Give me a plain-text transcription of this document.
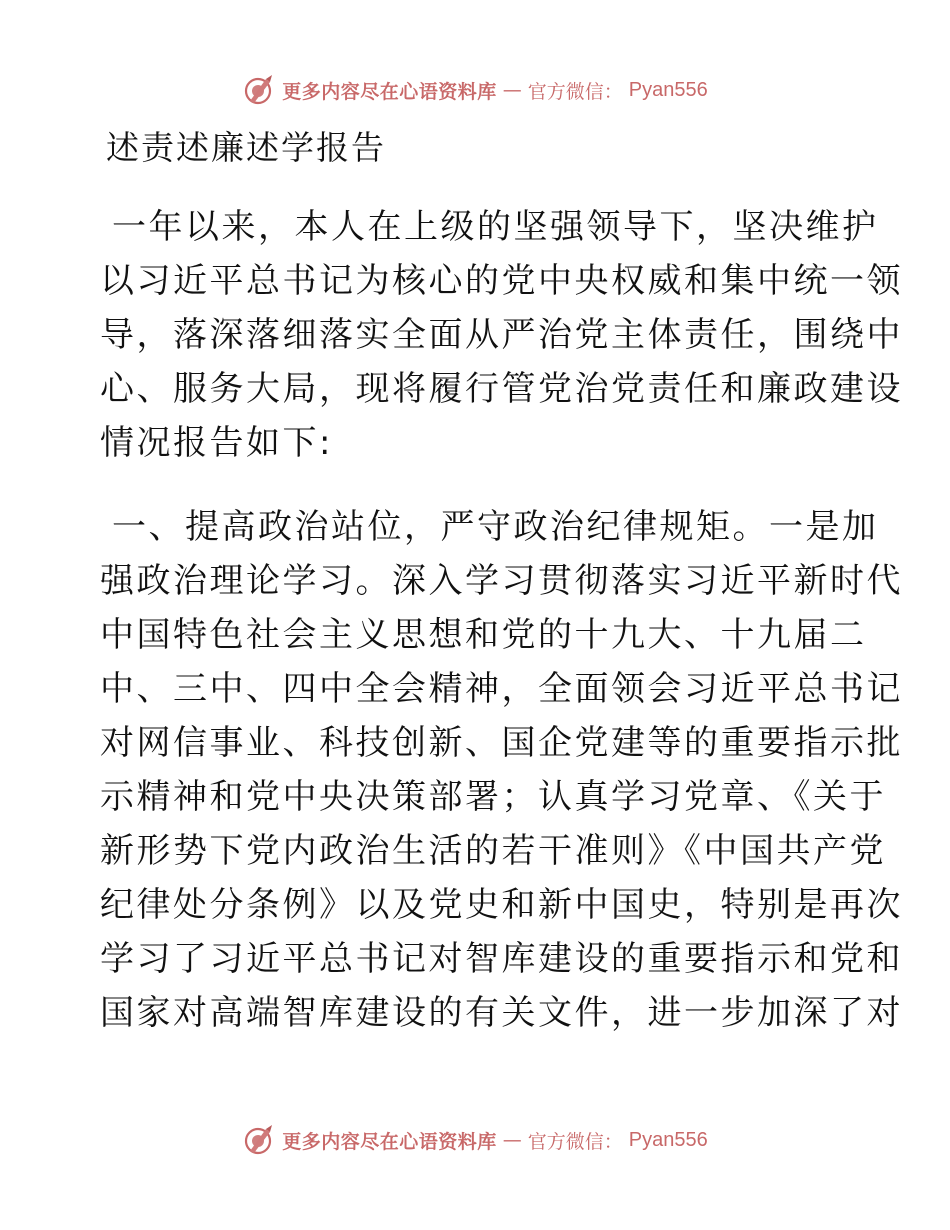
更多内容尽在心语资料库 — 官方微信： Pyan556
述责述廉述学报告
一年以来，本人在上级的坚强领导下，坚决维护
以习近平总书记为核心的党中央权威和集中统一领
导，落深落细落实全面从严治党主体责任，围绕中
心、服务大局，现将履行管党治党责任和廉政建设
情况报告如下:
一、提高政治站位，严守政治纪律规矩。一是加
强政治理论学习。深入学习贯彻落实习近平新时代
中国特色社会主义思想和党的十九大、十九届二
中、三中、四中全会精神，全面领会习近平总书记
对网信事业、科技创新、国企党建等的重要指示批
示精神和党中央决策部署；认真学习党章、《关于
新形势下党内政治生活的若干准则》《中国共产党
纪律处分条例》以及党史和新中国史，特别是再次
学习了习近平总书记对智库建设的重要指示和党和
国家对高端智库建设的有关文件，进一步加深了对
更多内容尽在心语资料库 — 官方微信： Pyan556
